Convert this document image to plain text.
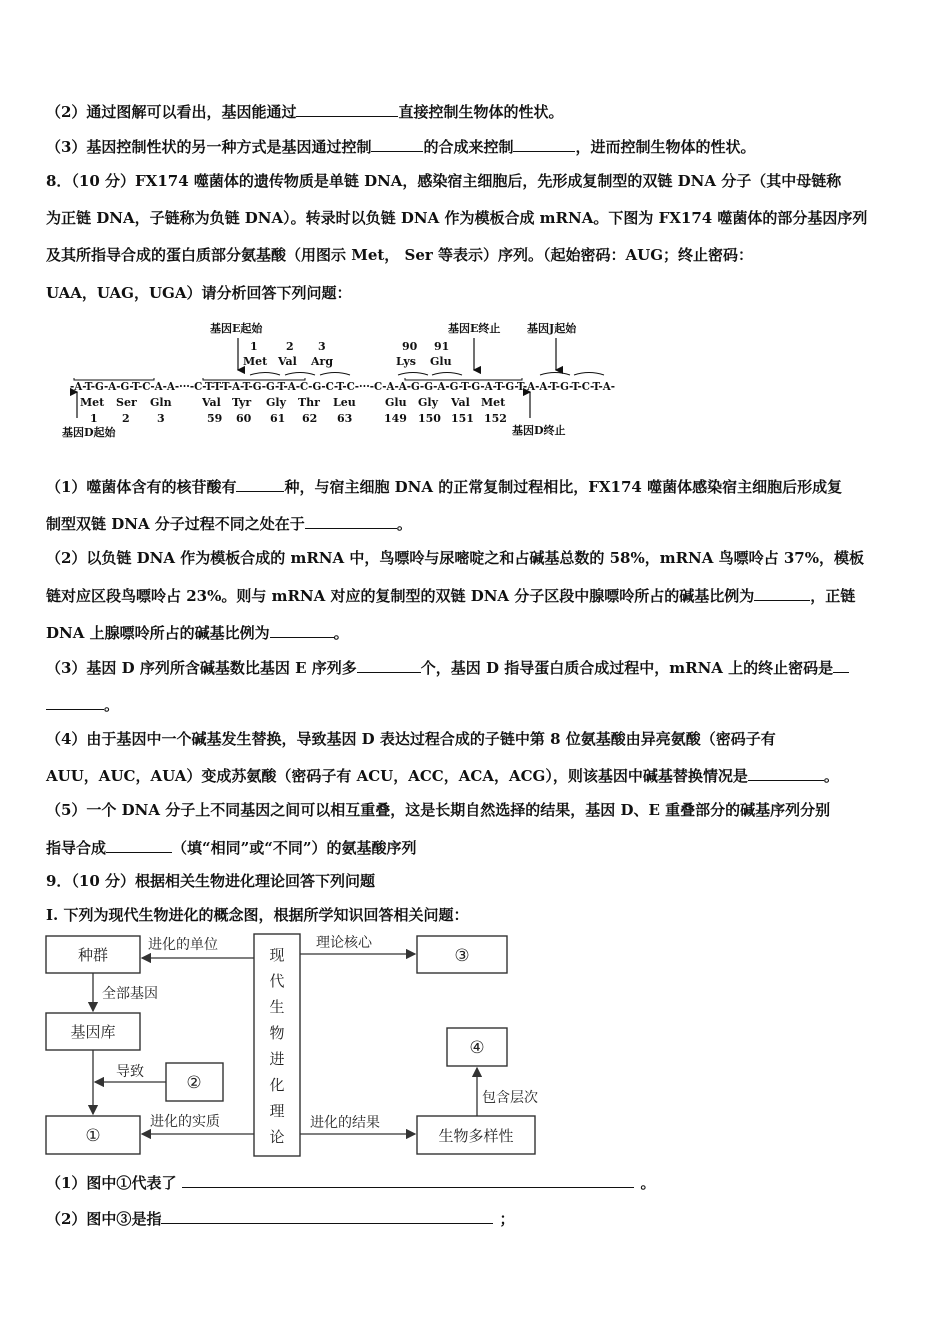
（2）通过图解可以看出，基因能通过	直接控制生物体的性状。
（3）基因控制性状的另一种方式是基因通过控制	的合成来控制	，进而控制生物体的性状。
8．（10 分）FX174 噬菌体的遗传物质是单链 DNA，感染宿主细胞后，先形成复制型的双链 DNA 分子（其中母链称
为正链 DNA，子链称为负链 DNA）。转录时以负链 DNA 作为模板合成 mRNA。下图为 FX174 噬菌体的部分基因序列
及其所指导合成的蛋白质部分氨基酸（用图示 Met， Ser 等表示）序列。（起始密码：AUG；终止密码：
UAA，UAG，UGA）请分析回答下列问题：
基因E起始	基因E终止 基因J起始
基因D起始	基因D终止
1	2 3	90 91
Met Val Arg	Lys Glu
-A-T-G-A-G-T-C-A-A-···-C-T-T-T-A-T-G-G-T-A-C-G-C-T-C-···-C-A-A-G-G-A-G-T-G-A-T-G-T-A-A-T-G-T-C-T-A-
Met Ser Gln	Val Tyr Gly Thr Leu	Glu Gly Val Met
1 2 3	59 60 61 62 63	149 150 151 152
（1）噬菌体含有的核苷酸有	种，与宿主细胞 DNA 的正常复制过程相比，FX174 噬菌体感染宿主细胞后形成复
制型双链 DNA 分子过程不同之处在于	。
（2）以负链 DNA 作为模板合成的 mRNA 中，鸟嘌呤与尿嘧啶之和占碱基总数的 58%，mRNA 鸟嘌呤占 37%，模板
链对应区段鸟嘌呤占 23%。则与 mRNA 对应的复制型的双链 DNA 分子区段中腺嘌呤所占的碱基比例为	，正链
DNA 上腺嘌呤所占的碱基比例为	。
（3）基因 D 序列所含碱基数比基因 E 序列多	个，基因 D 指导蛋白质合成过程中，mRNA 上的终止密码是
。
（4）由于基因中一个碱基发生替换，导致基因 D 表达过程合成的子链中第 8 位氨基酸由异亮氨酸（密码子有
AUU，AUC，AUA）变成苏氨酸（密码子有 ACU，ACC，ACA，ACG），则该基因中碱基替换情况是	。
（5）一个 DNA 分子上不同基因之间可以相互重叠，这是长期自然选择的结果，基因 D、E 重叠部分的碱基序列分别
指导合成	（填“相同”或“不同”）的氨基酸序列
9．（10 分）根据相关生物进化理论回答下列问题
I. 下列为现代生物进化的概念图，根据所学知识回答相关问题：
种群
基因库
①
②
③
④
生物多样性
现
代
生
物
进
化
理
论
进化的单位
全部基因
导致
进化的实质
理论核心
进化的结果
包含层次
（1）图中①代表了	。
（2）图中③是指	；
